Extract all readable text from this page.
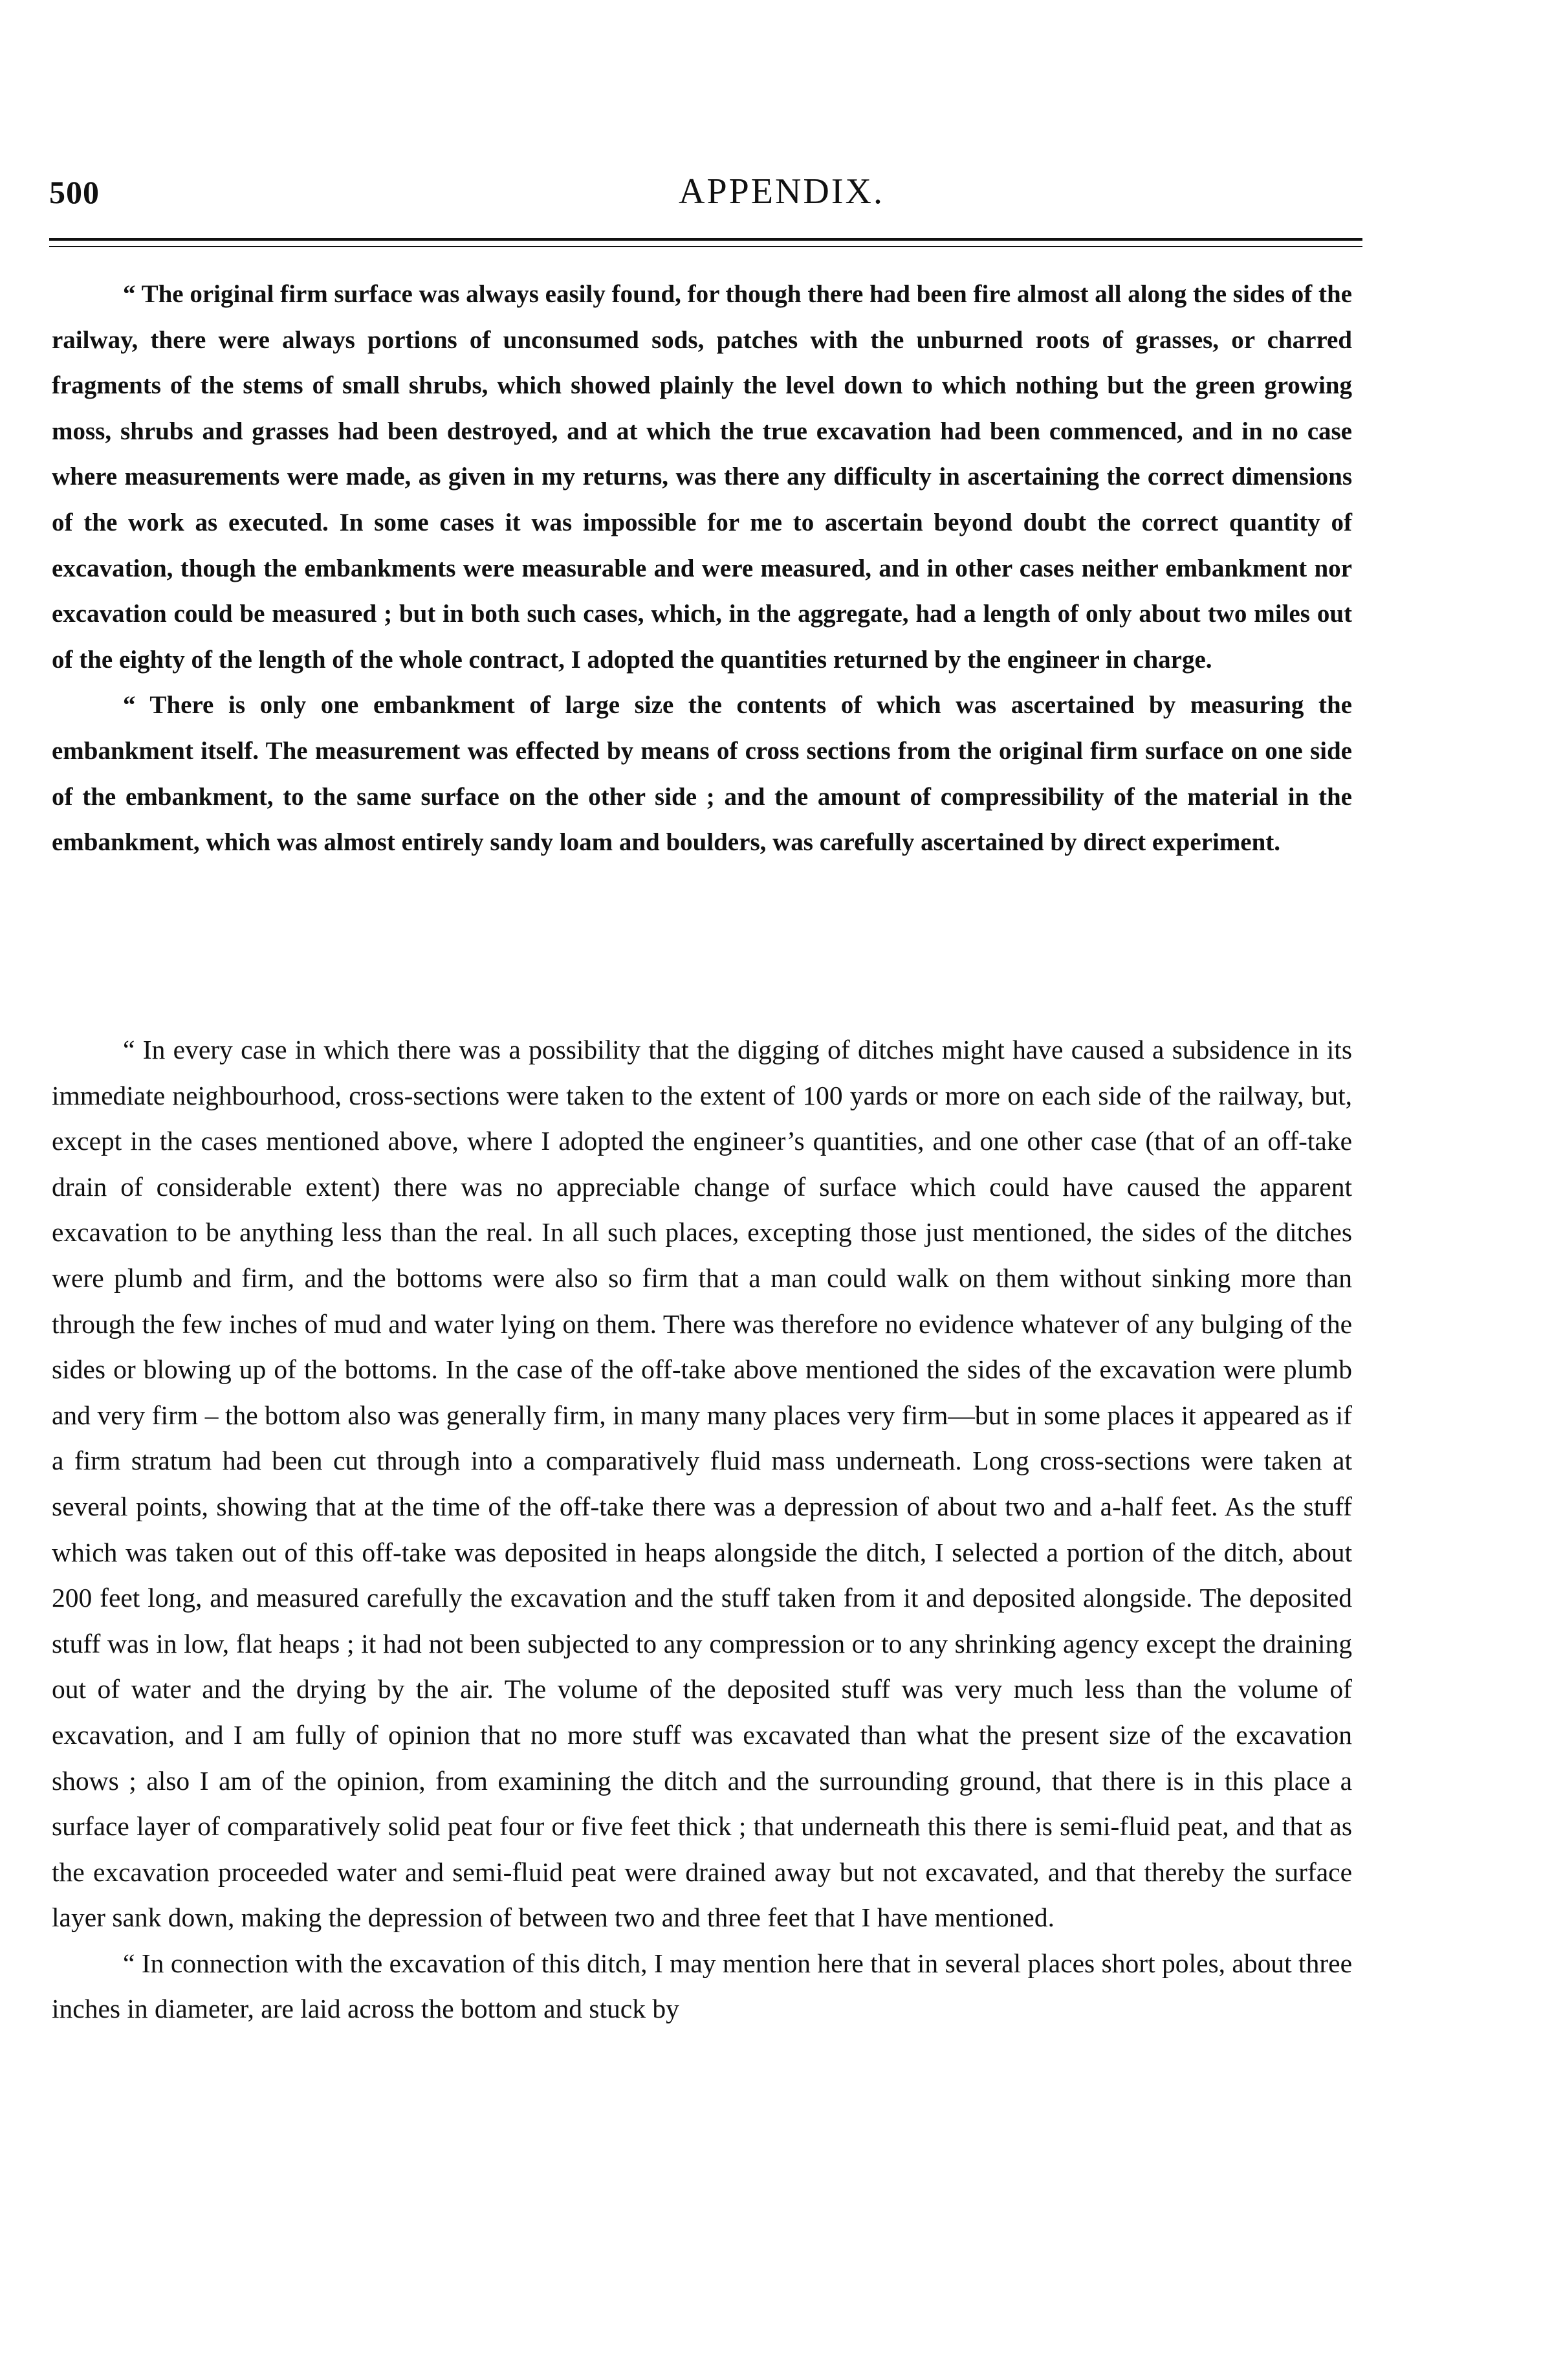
500	APPENDIX.

“ The original firm surface was always easily found, for though there had been fire almost all along the sides of the railway, there were always portions of unconsumed sods, patches with the unburned roots of grasses, or charred fragments of the stems of small shrubs, which showed plainly the level down to which nothing but the green growing moss, shrubs and grasses had been destroyed, and at which the true excavation had been commenced, and in no case where measurements were made, as given in my returns, was there any difficulty in ascertaining the correct dimensions of the work as executed. In some cases it was impossible for me to ascertain beyond doubt the correct quantity of excavation, though the embankments were measurable and were measured, and in other cases neither embankment nor excavation could be measured ; but in both such cases, which, in the aggregate, had a length of only about two miles out of the eighty of the length of the whole contract, I adopted the quantities returned by the engineer in charge.

“ There is only one embankment of large size the contents of which was ascertained by measuring the embankment itself. The measurement was effected by means of cross sections from the original firm surface on one side of the embankment, to the same surface on the other side ; and the amount of compressibility of the material in the embankment, which was almost entirely sandy loam and boulders, was carefully ascertained by direct experiment.

“ In every case in which there was a possibility that the digging of ditches might have caused a subsidence in its immediate neighbourhood, cross-sections were taken to the extent of 100 yards or more on each side of the railway, but, except in the cases mentioned above, where I adopted the engineer’s quantities, and one other case (that of an off-take drain of considerable extent) there was no appreciable change of surface which could have caused the apparent excavation to be anything less than the real. In all such places, excepting those just mentioned, the sides of the ditches were plumb and firm, and the bottoms were also so firm that a man could walk on them without sinking more than through the few inches of mud and water lying on them. There was therefore no evidence whatever of any bulging of the sides or blowing up of the bottoms. In the case of the off-take above mentioned the sides of the excavation were plumb and very firm – the bottom also was generally firm, in many many places very firm—but in some places it appeared as if a firm stratum had been cut through into a comparatively fluid mass underneath. Long cross-sections were taken at several points, showing that at the time of the off-take there was a depression of about two and a-half feet. As the stuff which was taken out of this off-take was deposited in heaps alongside the ditch, I selected a portion of the ditch, about 200 feet long, and measured carefully the excavation and the stuff taken from it and deposited alongside. The deposited stuff was in low, flat heaps ; it had not been subjected to any compression or to any shrinking agency except the draining out of water and the drying by the air. The volume of the deposited stuff was very much less than the volume of excavation, and I am fully of opinion that no more stuff was excavated than what the present size of the excavation shows ; also I am of the opinion, from examining the ditch and the surrounding ground, that there is in this place a surface layer of comparatively solid peat four or five feet thick ; that underneath this there is semi-fluid peat, and that as the excavation proceeded water and semi-fluid peat were drained away but not excavated, and that thereby the surface layer sank down, making the depression of between two and three feet that I have mentioned.

“ In connection with the excavation of this ditch, I may mention here that in several places short poles, about three inches in diameter, are laid across the bottom and stuck by
